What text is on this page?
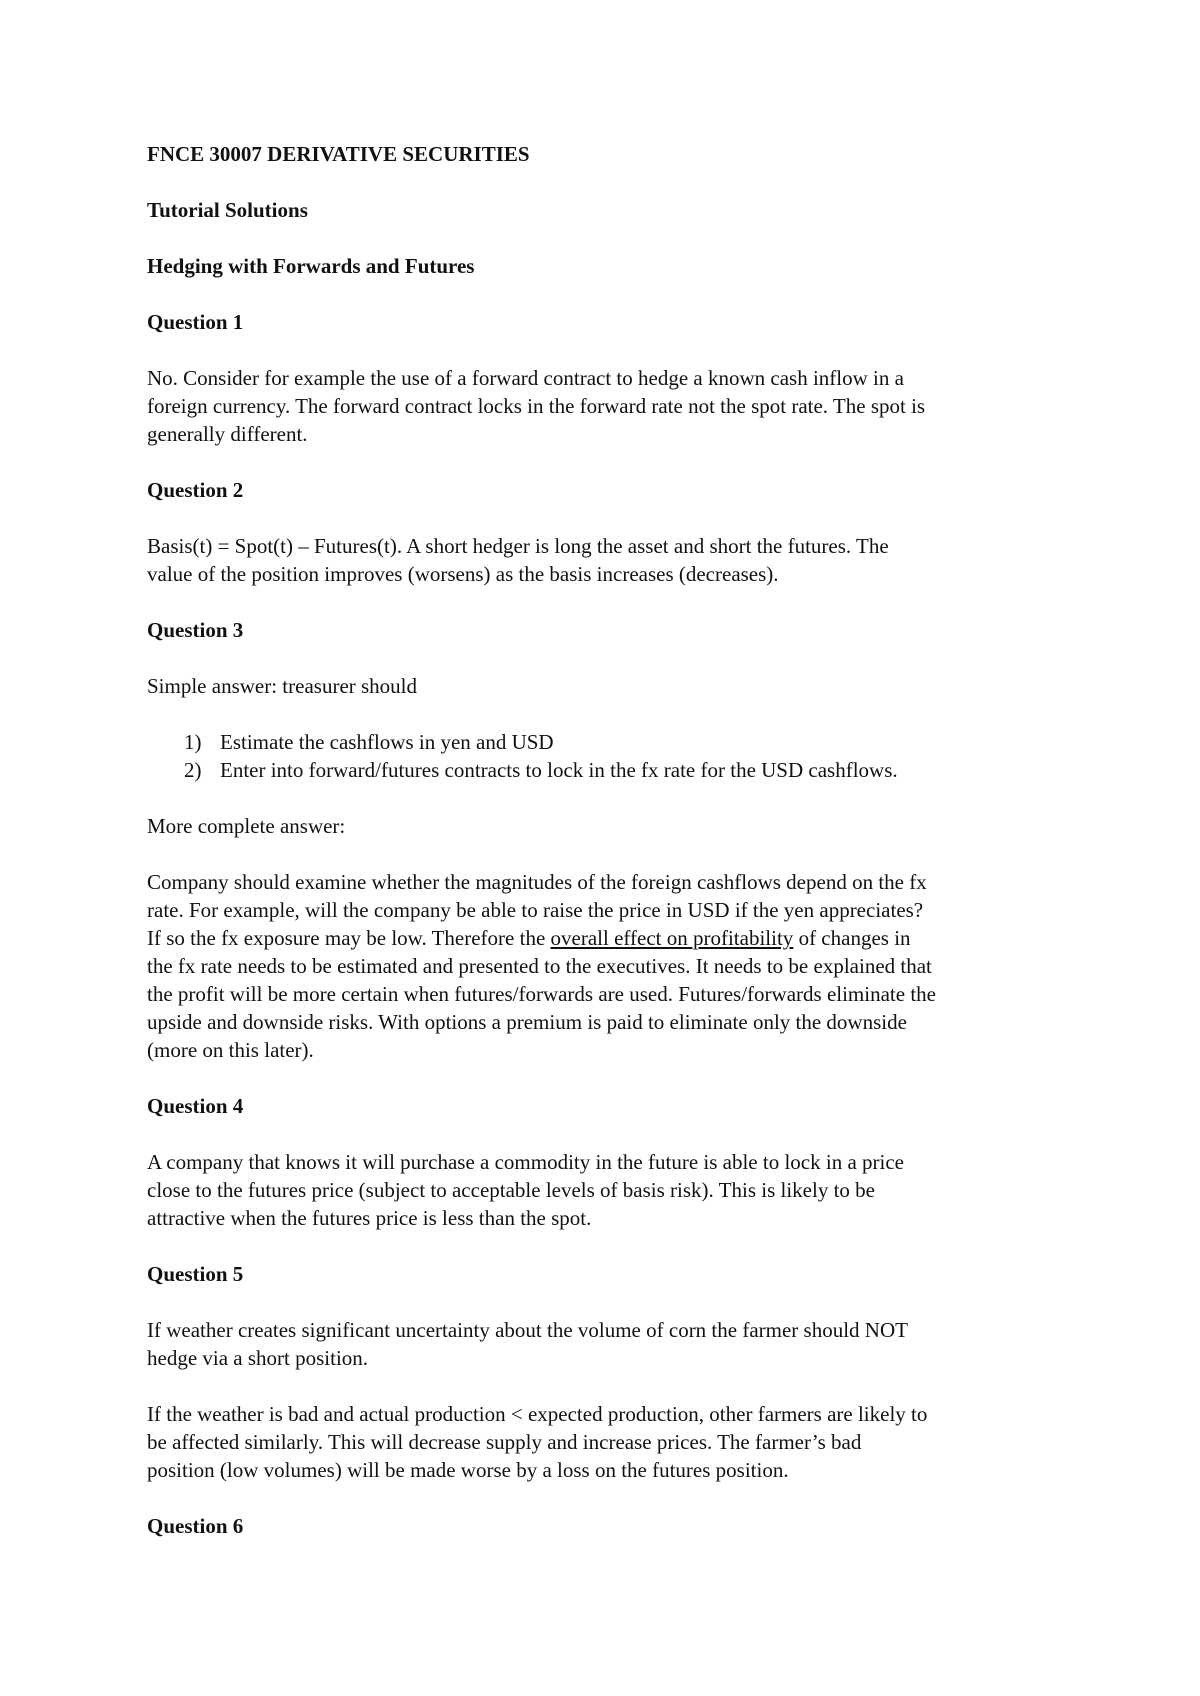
FNCE 30007 DERIVATIVE SECURITIES
Tutorial Solutions
Hedging with Forwards and Futures
Question 1
No. Consider for example the use of a forward contract to hedge a known cash inflow in a
foreign currency. The forward contract locks in the forward rate not the spot rate. The spot is
generally different.
Question 2
Basis(t) = Spot(t) – Futures(t). A short hedger is long the asset and short the futures. The
value of the position improves (worsens) as the basis increases (decreases).
Question 3
Simple answer: treasurer should
1) Estimate the cashflows in yen and USD
2) Enter into forward/futures contracts to lock in the fx rate for the USD cashflows.
More complete answer:
Company should examine whether the magnitudes of the foreign cashflows depend on the fx
rate. For example, will the company be able to raise the price in USD if the yen appreciates?
If so the fx exposure may be low. Therefore the overall effect on profitability of changes in
the fx rate needs to be estimated and presented to the executives. It needs to be explained that
the profit will be more certain when futures/forwards are used. Futures/forwards eliminate the
upside and downside risks. With options a premium is paid to eliminate only the downside
(more on this later).
Question 4
A company that knows it will purchase a commodity in the future is able to lock in a price
close to the futures price (subject to acceptable levels of basis risk). This is likely to be
attractive when the futures price is less than the spot.
Question 5
If weather creates significant uncertainty about the volume of corn the farmer should NOT
hedge via a short position.
If the weather is bad and actual production < expected production, other farmers are likely to
be affected similarly. This will decrease supply and increase prices. The farmer’s bad
position (low volumes) will be made worse by a loss on the futures position.
Question 6
